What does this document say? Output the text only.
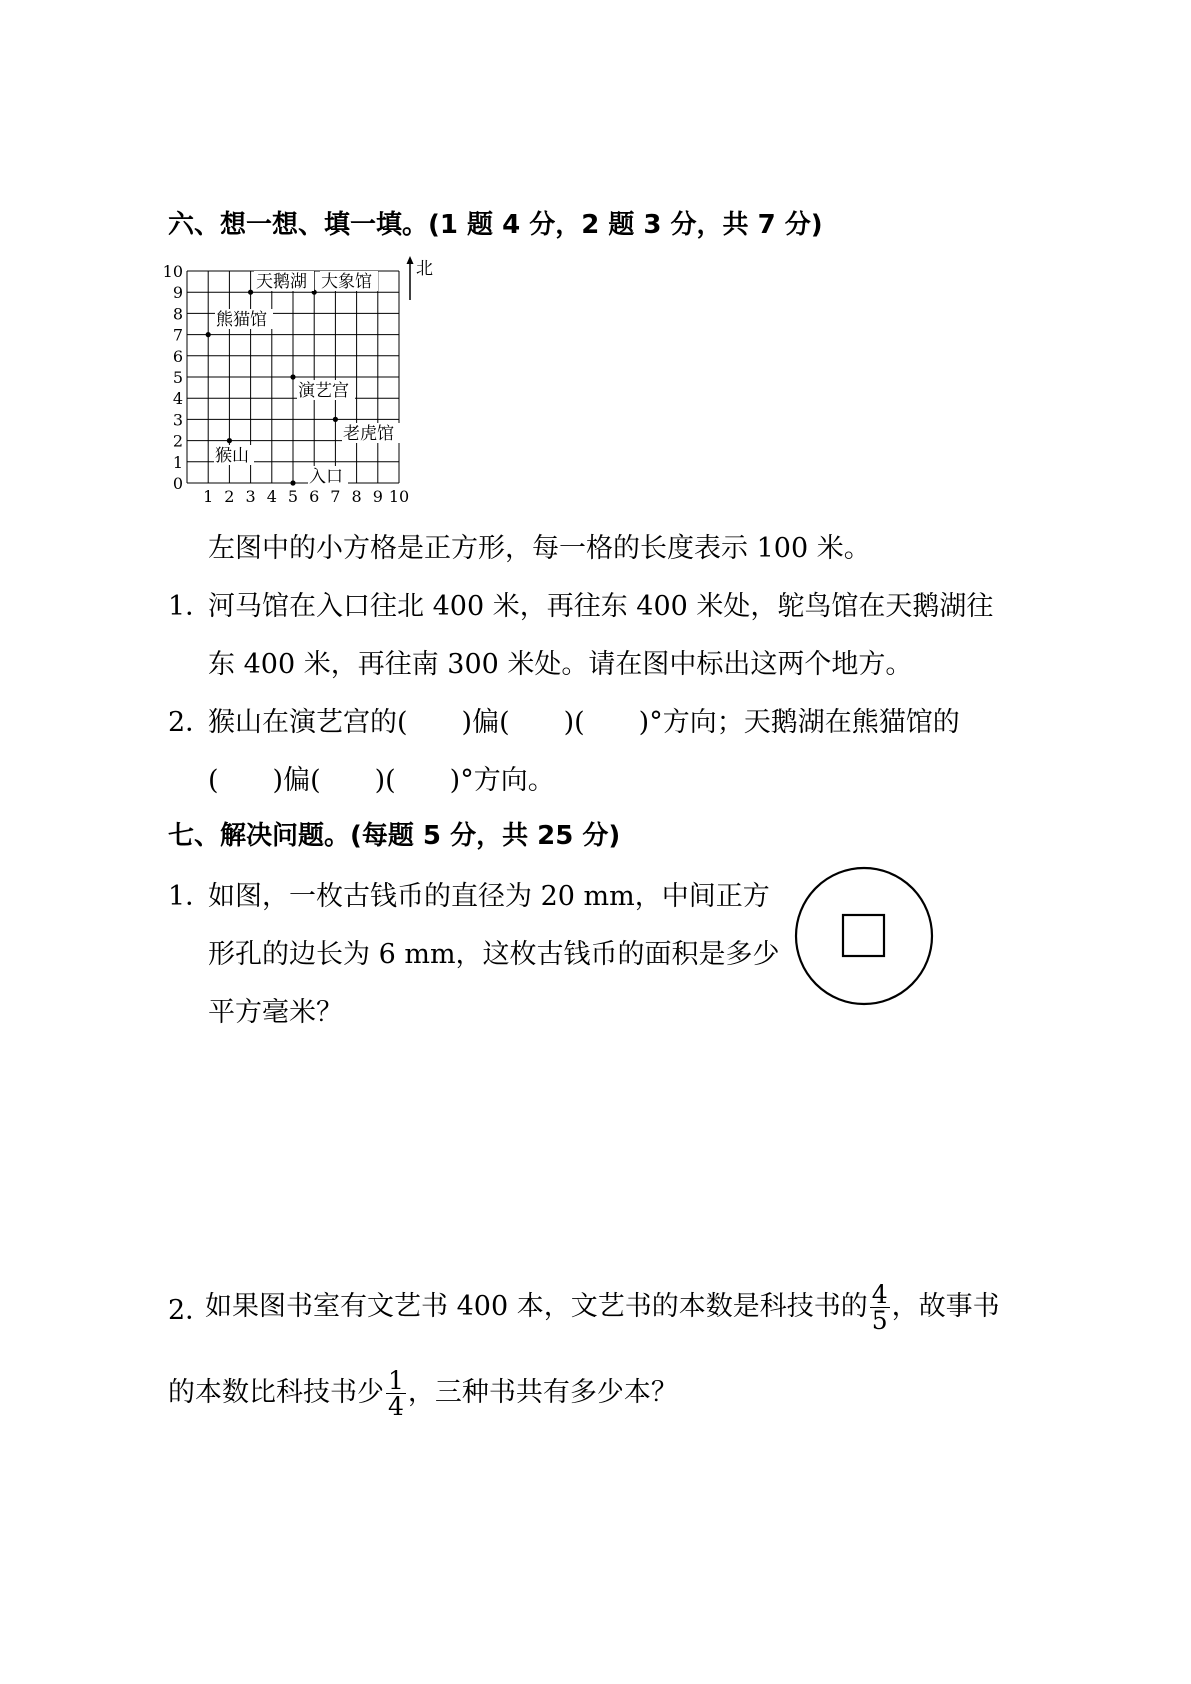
六、想一想、填一填。(1 题 4 分，2 题 3 分，共 7 分)
0
1
2
3
4
5
6
7
8
9
10
1 2 3 4 5 6 7 8 9 10
北
天鹅湖 大象馆
熊猫馆
演艺宫
老虎馆
猴山
入口
左图中的小方格是正方形，每一格的长度表示 100 米。
1．
河马馆在入口往北 400 米，再往东 400 米处，鸵鸟馆在天鹅湖往
东 400 米，再往南 300 米处。请在图中标出这两个地方。
2．
猴山在演艺宫的(　　)偏(　　)(　　)°方向；天鹅湖在熊猫馆的
(　　)偏(　　)(　　)°方向。
七、解决问题。(每题 5 分，共 25 分)
1．
如图，一枚古钱币的直径为 20 mm，中间正方
形孔的边长为 6 mm，这枚古钱币的面积是多少
平方毫米？
2．
如果图书室有文艺书 400 本，文艺书的本数是科技书的 $\frac{4}{5}$ ，故事书
的本数比科技书少 $\frac{1}{4}$ ，三种书共有多少本？
